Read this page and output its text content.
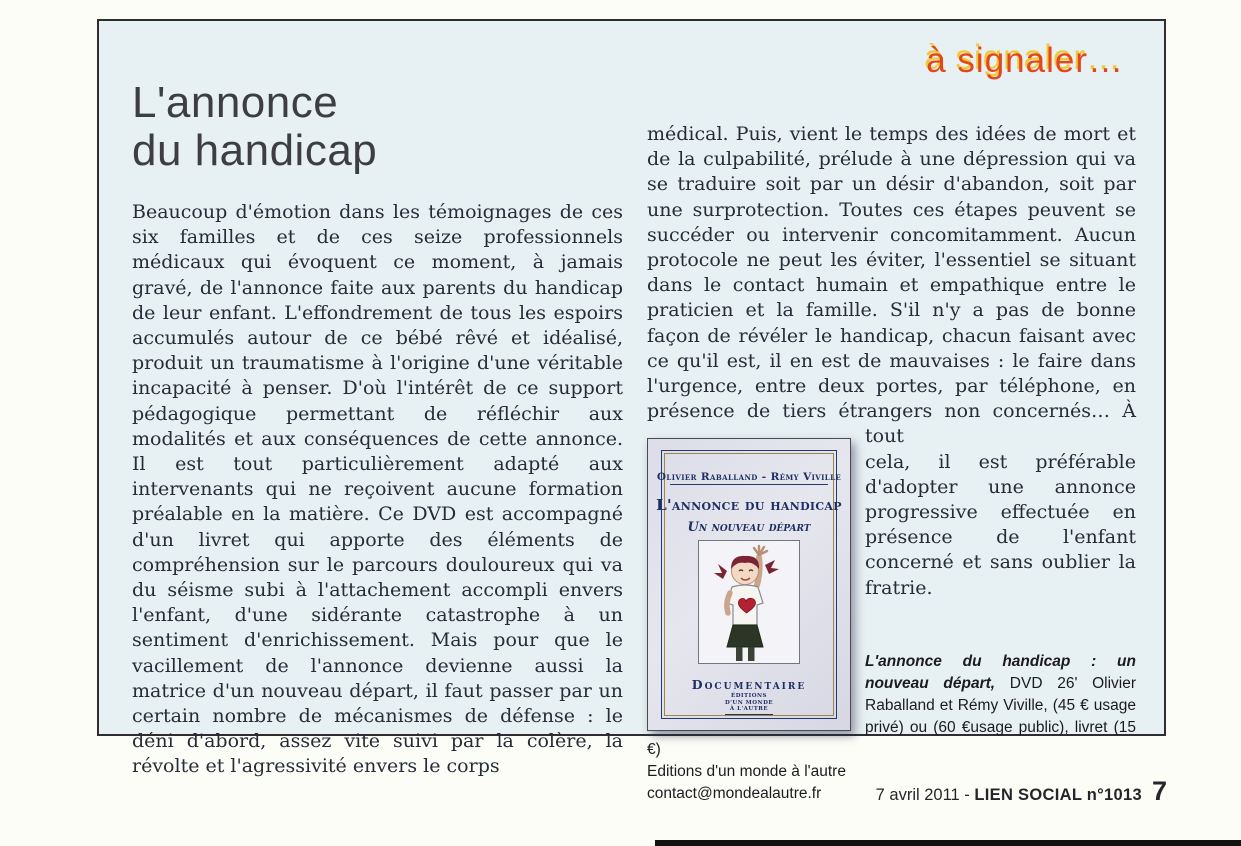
à signaler…
L'annonce
du handicap
Beaucoup d'émotion dans les témoignages de ces six familles et de ces seize professionnels médicaux qui évoquent ce moment, à jamais gravé, de l'annonce faite aux parents du handicap de leur enfant. L'effondrement de tous les espoirs accumulés autour de ce bébé rêvé et idéalisé, produit un traumatisme à l'origine d'une véritable incapacité à penser. D'où l'intérêt de ce support pédagogique permettant de réfléchir aux modalités et aux conséquences de cette annonce. Il est tout particulièrement adapté aux intervenants qui ne reçoivent aucune formation préalable en la matière. Ce DVD est accompagné d'un livret qui apporte des éléments de compréhension sur le parcours douloureux qui va du séisme subi à l'attachement accompli envers l'enfant, d'une sidérante catastrophe à un sentiment d'enrichissement. Mais pour que le vacillement de l'annonce devienne aussi la matrice d'un nouveau départ, il faut passer par un certain nombre de mécanismes de défense : le déni d'abord, assez vite suivi par la colère, la révolte et l'agressivité envers le corps
médical. Puis, vient le temps des idées de mort et de la culpabilité, prélude à une dépression qui va se traduire soit par un désir d'abandon, soit par une surprotection. Toutes ces étapes peuvent se succéder ou intervenir concomitamment. Aucun protocole ne peut les éviter, l'essentiel se situant dans le contact humain et empathique entre le praticien et la famille. S'il n'y a pas de bonne façon de révéler le handicap, chacun faisant avec ce qu'il est, il en est de mauvaises : le faire dans l'urgence, entre deux portes, par téléphone, en présence de tiers étrangers non concernés… À tout
Olivier Raballand - Rémy Viville
L'annonce du handicap
Un nouveau départ
Documentaire
ÉDITIONS
D'UN MONDE
À L'AUTRE
cela, il est préférable d'adopter une annonce progressive effectuée en présence de l'enfant concerné et sans oublier la fratrie.
L'annonce du handicap : un nouveau départ, DVD 26' Olivier Raballand et Rémy Viville, (45 € usage privé) ou (60 €usage public), livret (15 €)
Editions d'un monde à l'autre
contact@mondealautre.fr	7 avril 2011 - LIEN SOCIAL n°1013 7
